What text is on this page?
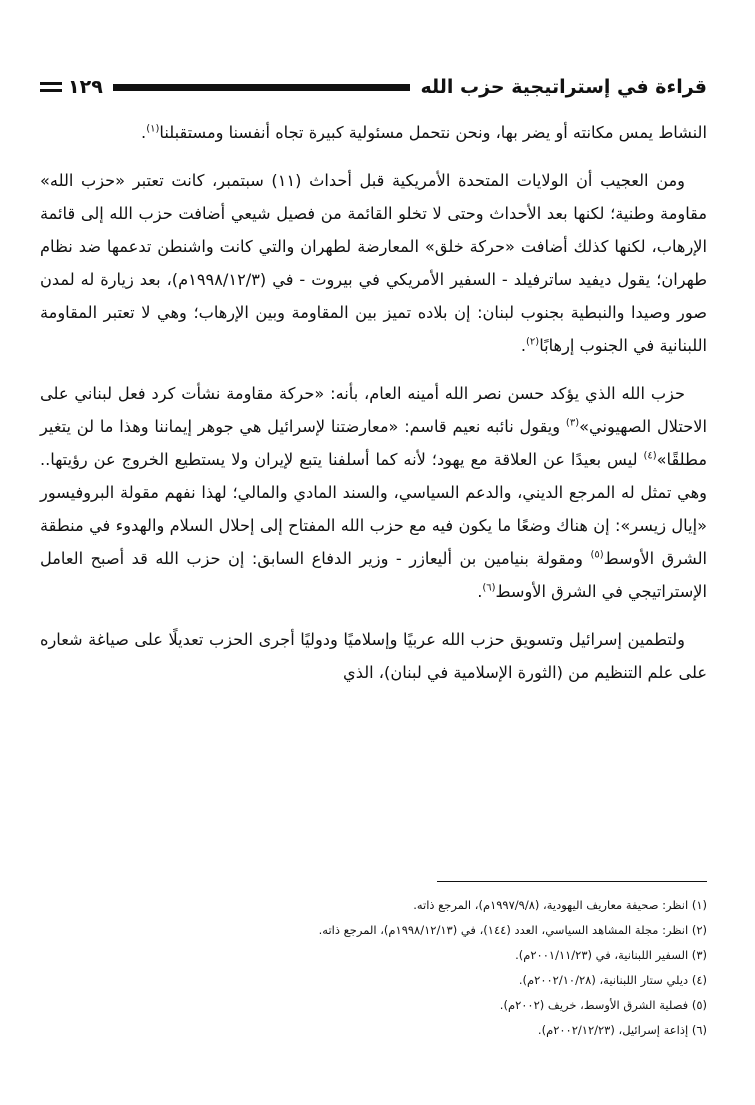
قراءة في إستراتيجية حزب الله
١٢٩

النشاط يمس مكانته أو يضر بها، ونحن نتحمل مسئولية كبيرة تجاه أنفسنا ومستقبلنا$^{(١)}$.

ومن العجيب أن الولايات المتحدة الأمريكية قبل أحداث (١١) سبتمبر، كانت تعتبر «حزب الله» مقاومة وطنية؛ لكنها بعد الأحداث وحتى لا تخلو القائمة من فصيل شيعي أضافت حزب الله إلى قائمة الإرهاب، لكنها كذلك أضافت «حركة خلق» المعارضة لطهران والتي كانت واشنطن تدعمها ضد نظام طهران؛ يقول ديفيد ساترفيلد - السفير الأمريكي في بيروت - في (١٩٩٨/١٢/٣م)، بعد زيارة له لمدن صور وصيدا والنبطية بجنوب لبنان: إن بلاده تميز بين المقاومة وبين الإرهاب؛ وهي لا تعتبر المقاومة اللبنانية في الجنوب إرهابًا$^{(٢)}$.

حزب الله الذي يؤكد حسن نصر الله أمينه العام، بأنه: «حركة مقاومة نشأت كرد فعل لبناني على الاحتلال الصهيوني»$^{(٣)}$ ويقول نائبه نعيم قاسم: «معارضتنا لإسرائيل هي جوهر إيماننا وهذا ما لن يتغير مطلقًا»$^{(٤)}$ ليس بعيدًا عن العلاقة مع يهود؛ لأنه كما أسلفنا يتبع لإيران ولا يستطيع الخروج عن رؤيتها.. وهي تمثل له المرجع الديني، والدعم السياسي، والسند المادي والمالي؛ لهذا نفهم مقولة البروفيسور «إيال زيسر»: إن هناك وضعًا ما يكون فيه مع حزب الله المفتاح إلى إحلال السلام والهدوء في منطقة الشرق الأوسط$^{(٥)}$ ومقولة بنيامين بن أليعازر - وزير الدفاع السابق: إن حزب الله قد أصبح العامل الإستراتيجي في الشرق الأوسط$^{(٦)}$.

ولتطمين إسرائيل وتسويق حزب الله عربيًا وإسلاميًا ودوليًا أجرى الحزب تعديلًا على صياغة شعاره على علم التنظيم من (الثورة الإسلامية في لبنان)، الذي

(١) انظر: صحيفة معاريف اليهودية، (١٩٩٧/٩/٨م)، المرجع ذاته.
(٢) انظر: مجلة المشاهد السياسي، العدد (١٤٤)، في (١٩٩٨/١٢/١٣م)، المرجع ذاته.
(٣) السفير اللبنانية، في (٢٠٠١/١١/٢٣م).
(٤) ديلي ستار اللبنانية، (٢٠٠٢/١٠/٢٨م).
(٥) فصلية الشرق الأوسط، خريف (٢٠٠٢م).
(٦) إذاعة إسرائيل، (٢٠٠٢/١٢/٢٣م).
